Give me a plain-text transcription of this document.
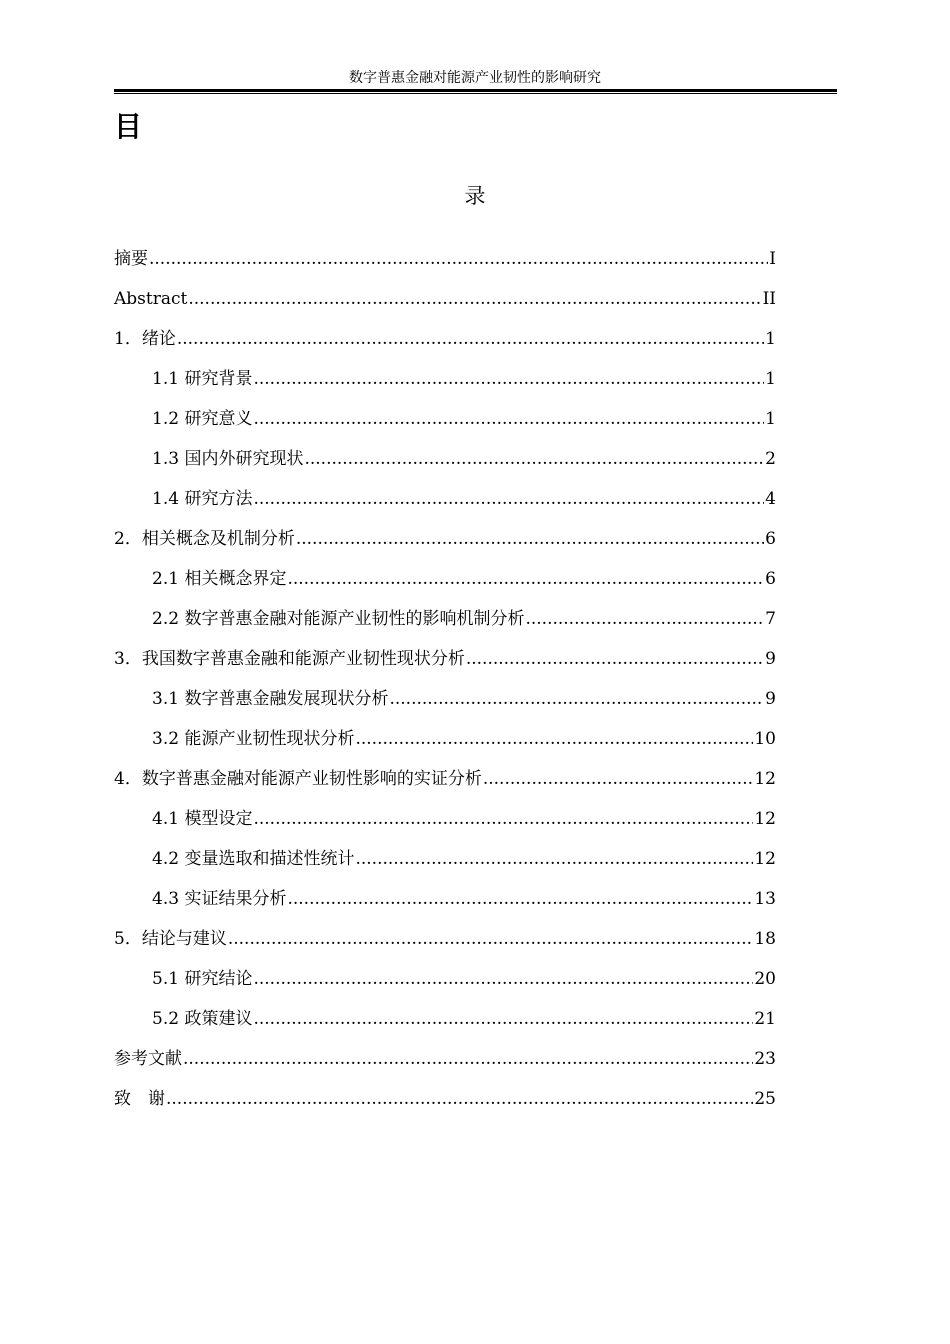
数字普惠金融对能源产业韧性的影响研究
目
录
摘要 .....	I
Abstract .....	II
1．绪论 .....	1
1.1 研究背景 .....	1
1.2 研究意义 .....	1
1.3 国内外研究现状 .....	2
1.4 研究方法 .....	4
2．相关概念及机制分析 .....	6
2.1 相关概念界定 .....	6
2.2 数字普惠金融对能源产业韧性的影响机制分析 .....	7
3．我国数字普惠金融和能源产业韧性现状分析 .....	9
3.1 数字普惠金融发展现状分析 .....	9
3.2 能源产业韧性现状分析 .....	10
4．数字普惠金融对能源产业韧性影响的实证分析 .....	12
4.1 模型设定 .....	12
4.2 变量选取和描述性统计 .....	12
4.3 实证结果分析 .....	13
5．结论与建议 .....	18
5.1 研究结论 .....	20
5.2 政策建议 .....	21
参考文献 .....	23
致　谢 .....	25
